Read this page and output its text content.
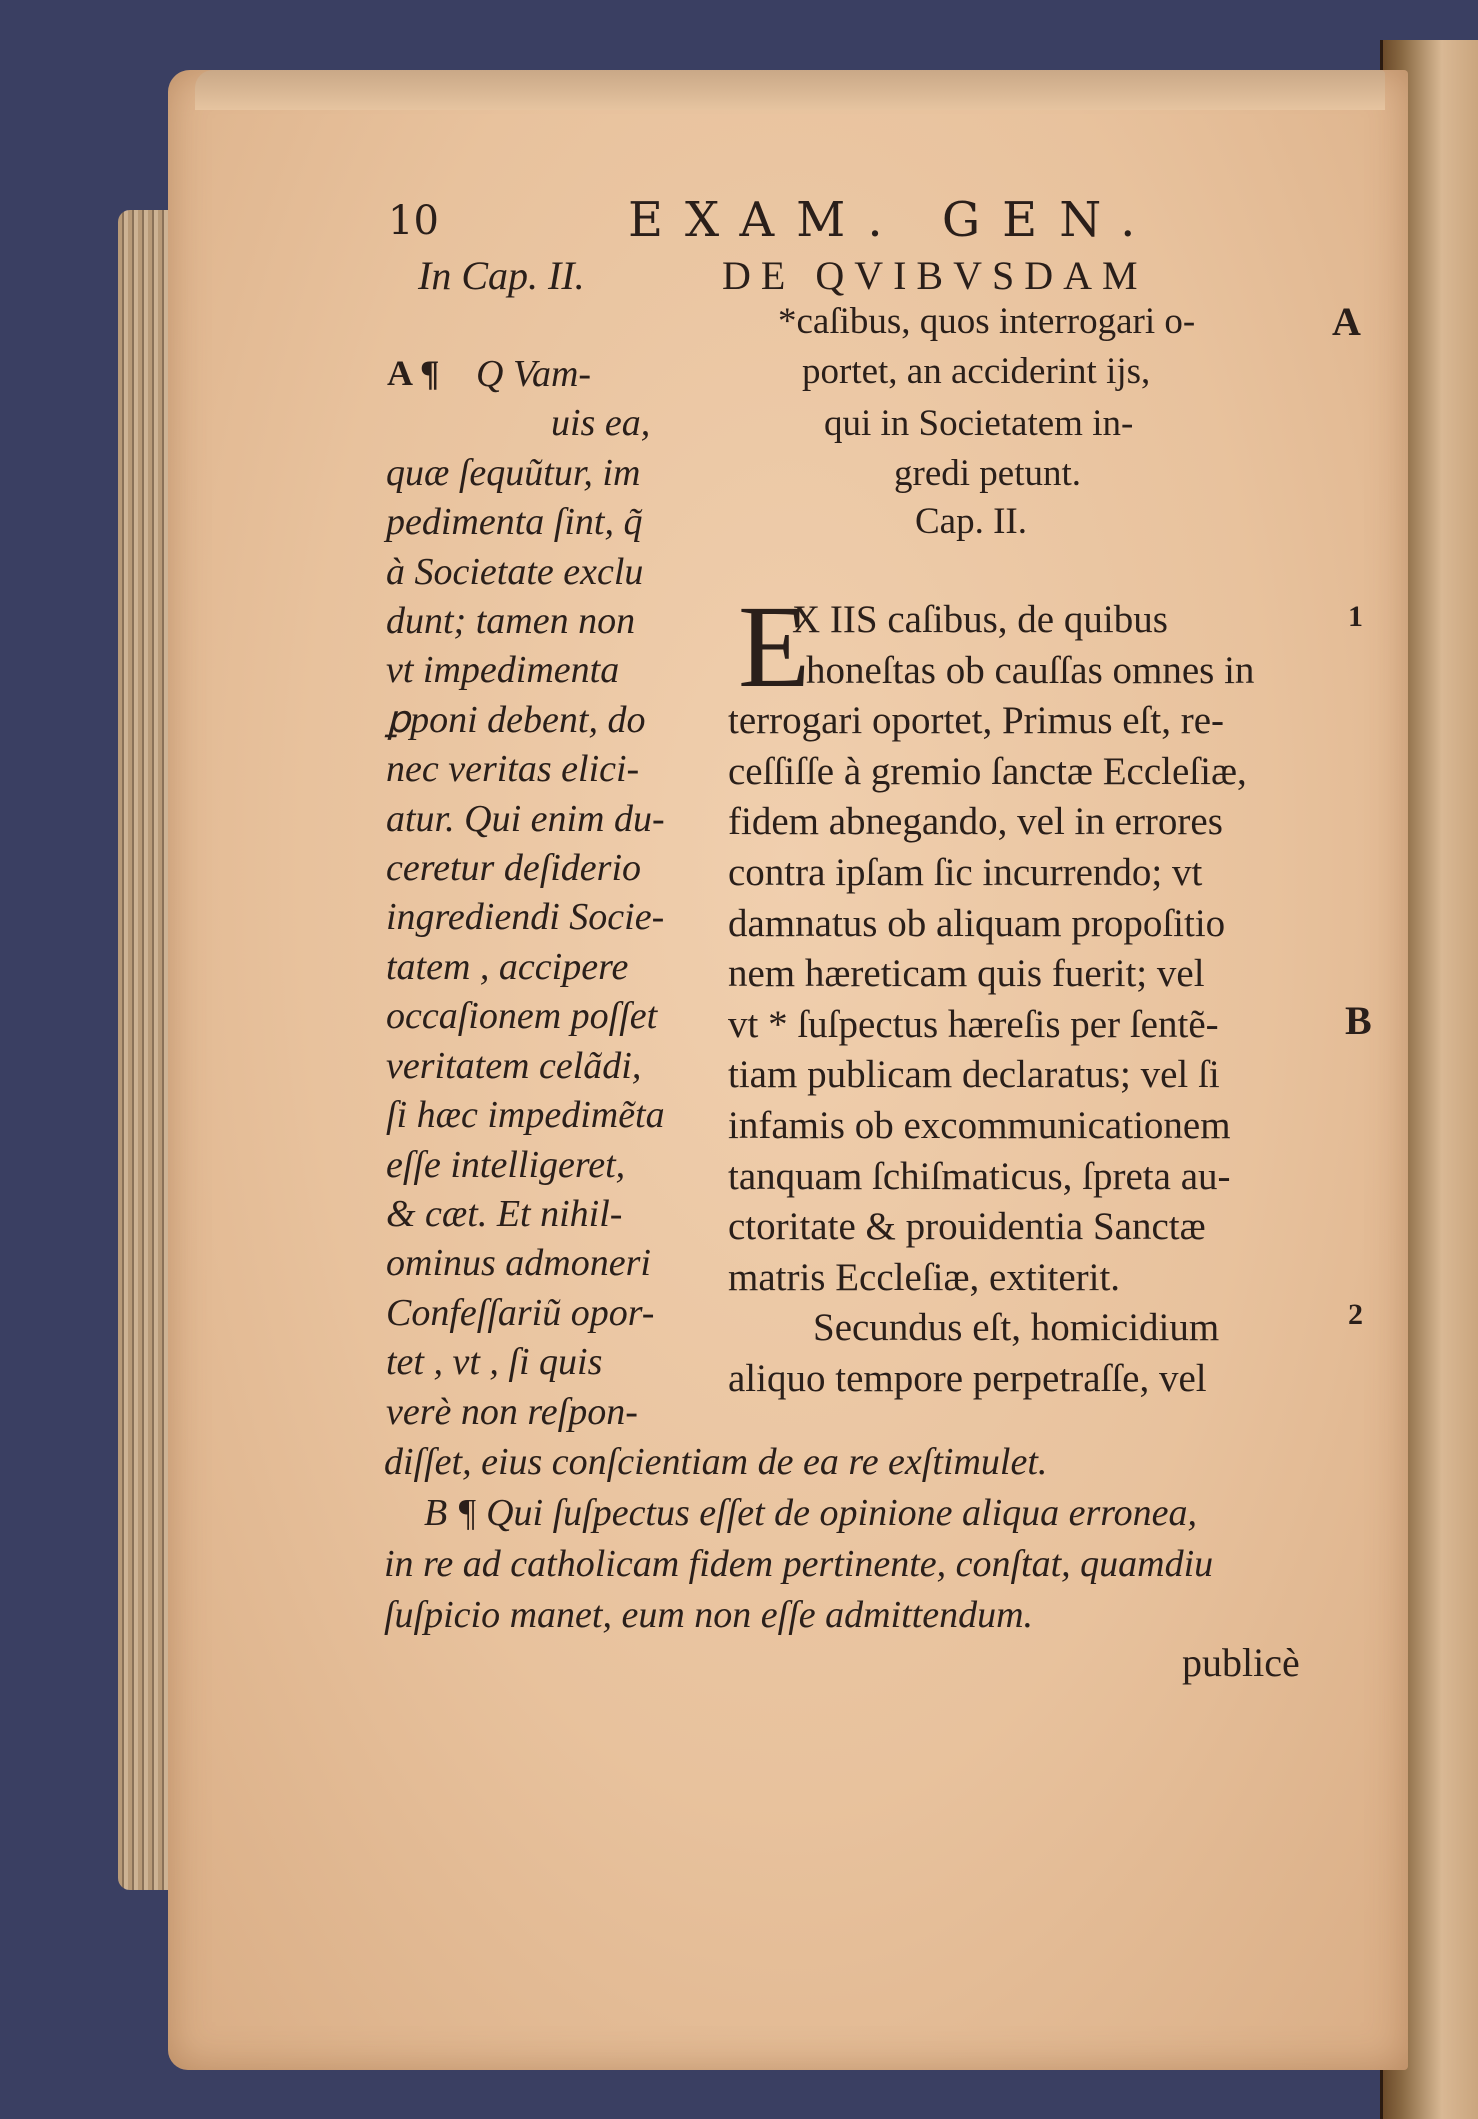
10	EXAM. GEN.
In Cap. II.
A ¶ Q Vam-
uis ea,
quæ ſequũtur, im
pedimenta ſint, q̃
à Societate exclu
dunt; tamen non
vt impedimenta
ꝑponi debent, do
nec veritas elici-
atur. Qui enim du-
ceretur deſiderio
ingrediendi Socie-
tatem , accipere
occaſionem poſſet
veritatem celãdi,
ſi hæc impedimẽta
eſſe intelligeret,
& cæt. Et nihil-
ominus admoneri
Confeſſariũ opor-
tet , vt , ſi quis
verè non reſpon-
DE QVIBVSDAM
*caſibus, quos interrogari o-
portet, an acciderint ijs,
qui in Societatem in-
gredi petunt.
Cap. II.
E
X IIS caſibus, de quibus
honeſtas ob cauſſas omnes in
terrogari oportet, Primus eſt, re-
ceſſiſſe à gremio ſanctæ Eccleſiæ,
fidem abnegando, vel in errores
contra ipſam ſic incurrendo; vt
damnatus ob aliquam propoſitio
nem hæreticam quis fuerit; vel
vt * ſuſpectus hæreſis per ſentẽ-
tiam publicam declaratus; vel ſi
infamis ob excommunicationem
tanquam ſchiſmaticus, ſpreta au-
ctoritate & prouidentia Sanctæ
matris Eccleſiæ, extiterit.
Secundus eſt, homicidium
aliquo tempore perpetraſſe, vel
A
1
B
2
diſſet, eius conſcientiam de ea re exſtimulet.
B ¶ Qui ſuſpectus eſſet de opinione aliqua erronea,
in re ad catholicam fidem pertinente, conſtat, quamdiu
ſuſpicio manet, eum non eſſe admittendum.
publicè
